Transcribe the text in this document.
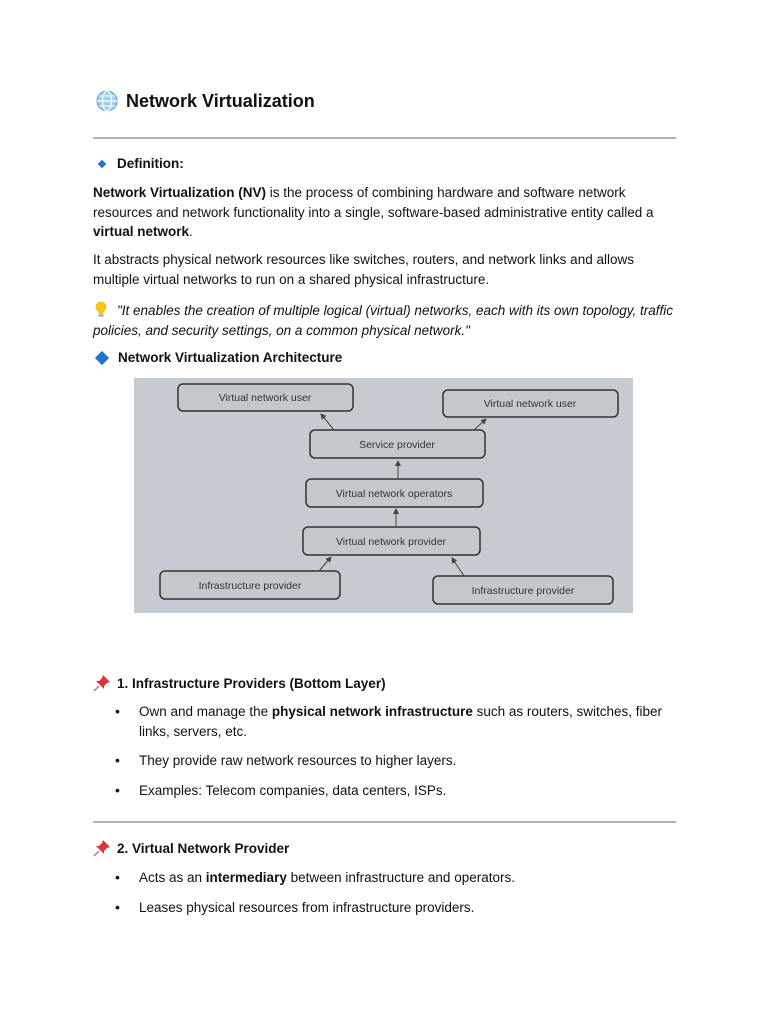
Network Virtualization
Definition:

Network Virtualization (NV) is the process of combining hardware and software network resources and network functionality into a single, software-based administrative entity called a virtual network.

It abstracts physical network resources like switches, routers, and network links and allows multiple virtual networks to run on a shared physical infrastructure.

"It enables the creation of multiple logical (virtual) networks, each with its own topology, traffic policies, and security settings, on a common physical network."

Network Virtualization Architecture
Virtual network user	Virtual network user
Service provider
Virtual network operators
Virtual network provider
Infrastructure provider	Infrastructure provider
1. Infrastructure Providers (Bottom Layer)
• Own and manage the physical network infrastructure such as routers, switches, fiber links, servers, etc.
• They provide raw network resources to higher layers.
• Examples: Telecom companies, data centers, ISPs.
2. Virtual Network Provider
• Acts as an intermediary between infrastructure and operators.
• Leases physical resources from infrastructure providers.
